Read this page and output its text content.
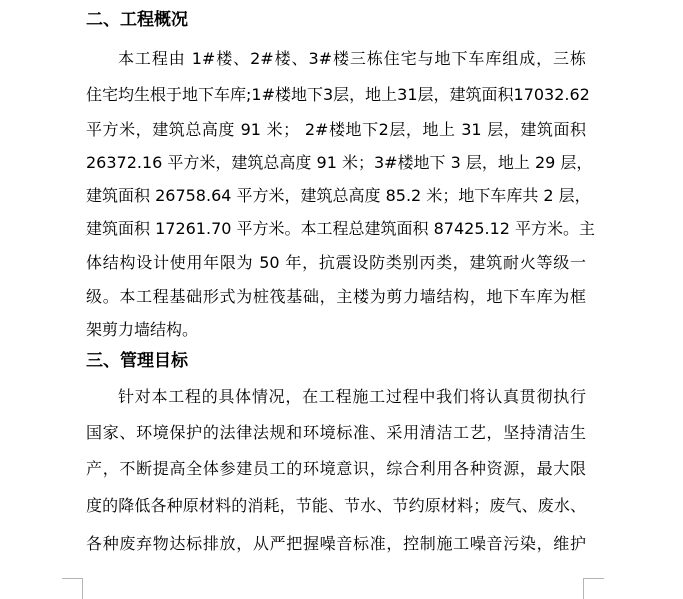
二、工程概况
本工程由 1#楼、2#楼、3#楼三栋住宅与地下车库组成，三栋
住宅均生根于地下车库;1#楼地下3层，地上31层，建筑面积17032.62
平方米，建筑总高度 91 米； 2#楼地下2层，地上 31 层，建筑面积
26372.16 平方米，建筑总高度 91 米；3#楼地下 3 层，地上 29 层，
建筑面积 26758.64 平方米，建筑总高度 85.2 米；地下车库共 2 层，
建筑面积 17261.70 平方米。本工程总建筑面积 87425.12 平方米。主
体结构设计使用年限为 50 年，抗震设防类别丙类，建筑耐火等级一
级。本工程基础形式为桩筏基础，主楼为剪力墙结构，地下车库为框
架剪力墙结构。
三、管理目标
针对本工程的具体情况，在工程施工过程中我们将认真贯彻执行
国家、环境保护的法律法规和环境标准、采用清洁工艺，坚持清洁生
产，不断提高全体参建员工的环境意识，综合利用各种资源，最大限
度的降低各种原材料的消耗，节能、节水、节约原材料；废气、废水、
各种废弃物达标排放，从严把握噪音标准，控制施工噪音污染，维护
